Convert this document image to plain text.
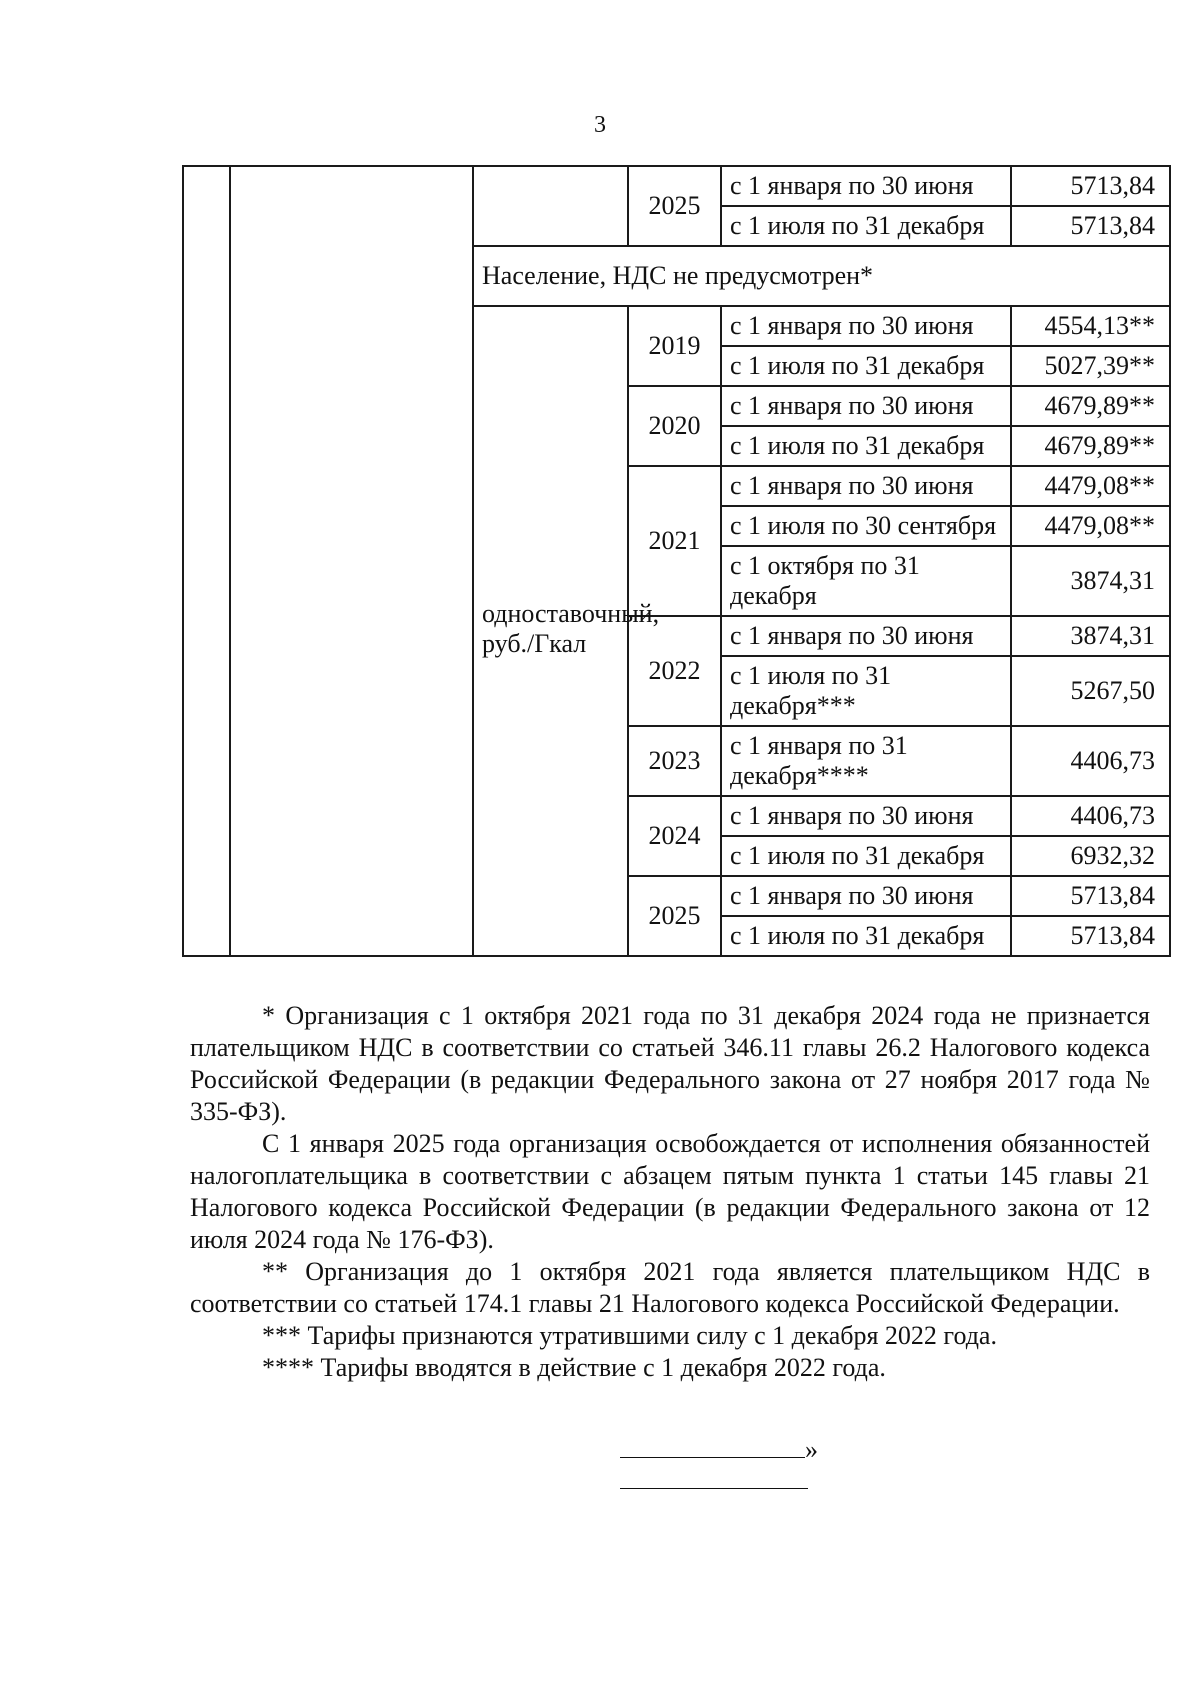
3
			2025	с 1 января по 30 июня	5713,84
				с 1 июля по 31 декабря	5713,84
		Население, НДС не предусмотрен*			
		одноставочный, руб./Гкал	2019	с 1 января по 30 июня	4554,13**
				с 1 июля по 31 декабря	5027,39**
			2020	с 1 января по 30 июня	4679,89**
				с 1 июля по 31 декабря	4679,89**
			2021	с 1 января по 30 июня	4479,08**
				с 1 июля по 30 сентября	4479,08**
				с 1 октября по 31 декабря	3874,31
			2022	с 1 января по 30 июня	3874,31
				с 1 июля по 31 декабря***	5267,50
			2023	с 1 января по 31 декабря****	4406,73
			2024	с 1 января по 30 июня	4406,73
				с 1 июля по 31 декабря	6932,32
			2025	с 1 января по 30 июня	5713,84
				с 1 июля по 31 декабря	5713,84

* Организация с 1 октября 2021 года по 31 декабря 2024 года не признается плательщиком НДС в соответствии со статьей 346.11 главы 26.2 Налогового кодекса Российской Федерации (в редакции Федерального закона от 27 ноября 2017 года № 335-ФЗ).

С 1 января 2025 года организация освобождается от исполнения обязанностей налогоплательщика в соответствии с абзацем пятым пункта 1 статьи 145 главы 21 Налогового кодекса Российской Федерации (в редакции Федерального закона от 12 июля 2024 года № 176-ФЗ).

** Организация до 1 октября 2021 года является плательщиком НДС в соответствии со статьей 174.1 главы 21 Налогового кодекса Российской Федерации.

*** Тарифы признаются утратившими силу с 1 декабря 2022 года.

**** Тарифы вводятся в действие с 1 декабря 2022 года.

»
